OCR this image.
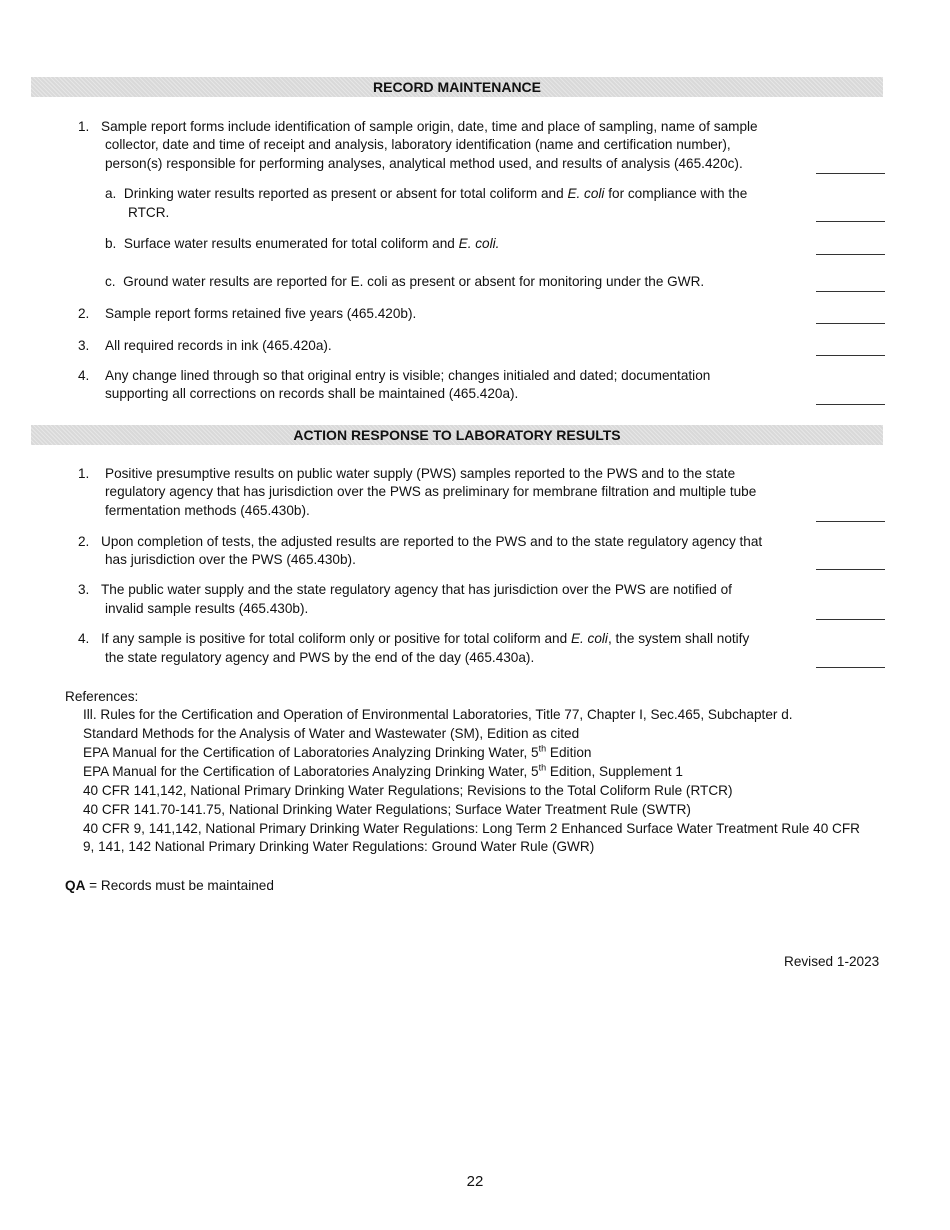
RECORD MAINTENANCE
1. Sample report forms include identification of sample origin, date, time and place of sampling, name of sample
collector, date and time of receipt and analysis, laboratory identification (name and certification number),
person(s) responsible for performing analyses, analytical method used, and results of analysis (465.420c).
a. Drinking water results reported as present or absent for total coliform and E. coli for compliance with the
RTCR.
b. Surface water results enumerated for total coliform and E. coli.
c. Ground water results are reported for E. coli as present or absent for monitoring under the GWR.
2. Sample report forms retained five years (465.420b).
3. All required records in ink (465.420a).
4. Any change lined through so that original entry is visible; changes initialed and dated; documentation
supporting all corrections on records shall be maintained (465.420a).
ACTION RESPONSE TO LABORATORY RESULTS
1. Positive presumptive results on public water supply (PWS) samples reported to the PWS and to the state
regulatory agency that has jurisdiction over the PWS as preliminary for membrane filtration and multiple tube
fermentation methods (465.430b).
2. Upon completion of tests, the adjusted results are reported to the PWS and to the state regulatory agency that
has jurisdiction over the PWS (465.430b).
3. The public water supply and the state regulatory agency that has jurisdiction over the PWS are notified of
invalid sample results (465.430b).
4. If any sample is positive for total coliform only or positive for total coliform and E. coli, the system shall notify
the state regulatory agency and PWS by the end of the day (465.430a).
References:
Ill. Rules for the Certification and Operation of Environmental Laboratories, Title 77, Chapter I, Sec.465, Subchapter d.
Standard Methods for the Analysis of Water and Wastewater (SM), Edition as cited
EPA Manual for the Certification of Laboratories Analyzing Drinking Water, 5th Edition
EPA Manual for the Certification of Laboratories Analyzing Drinking Water, 5th Edition, Supplement 1
40 CFR 141,142, National Primary Drinking Water Regulations; Revisions to the Total Coliform Rule (RTCR)
40 CFR 141.70-141.75, National Drinking Water Regulations; Surface Water Treatment Rule (SWTR)
40 CFR 9, 141,142, National Primary Drinking Water Regulations: Long Term 2 Enhanced Surface Water Treatment Rule 40 CFR
9, 141, 142 National Primary Drinking Water Regulations: Ground Water Rule (GWR)
QA = Records must be maintained
Revised 1-2023
22
